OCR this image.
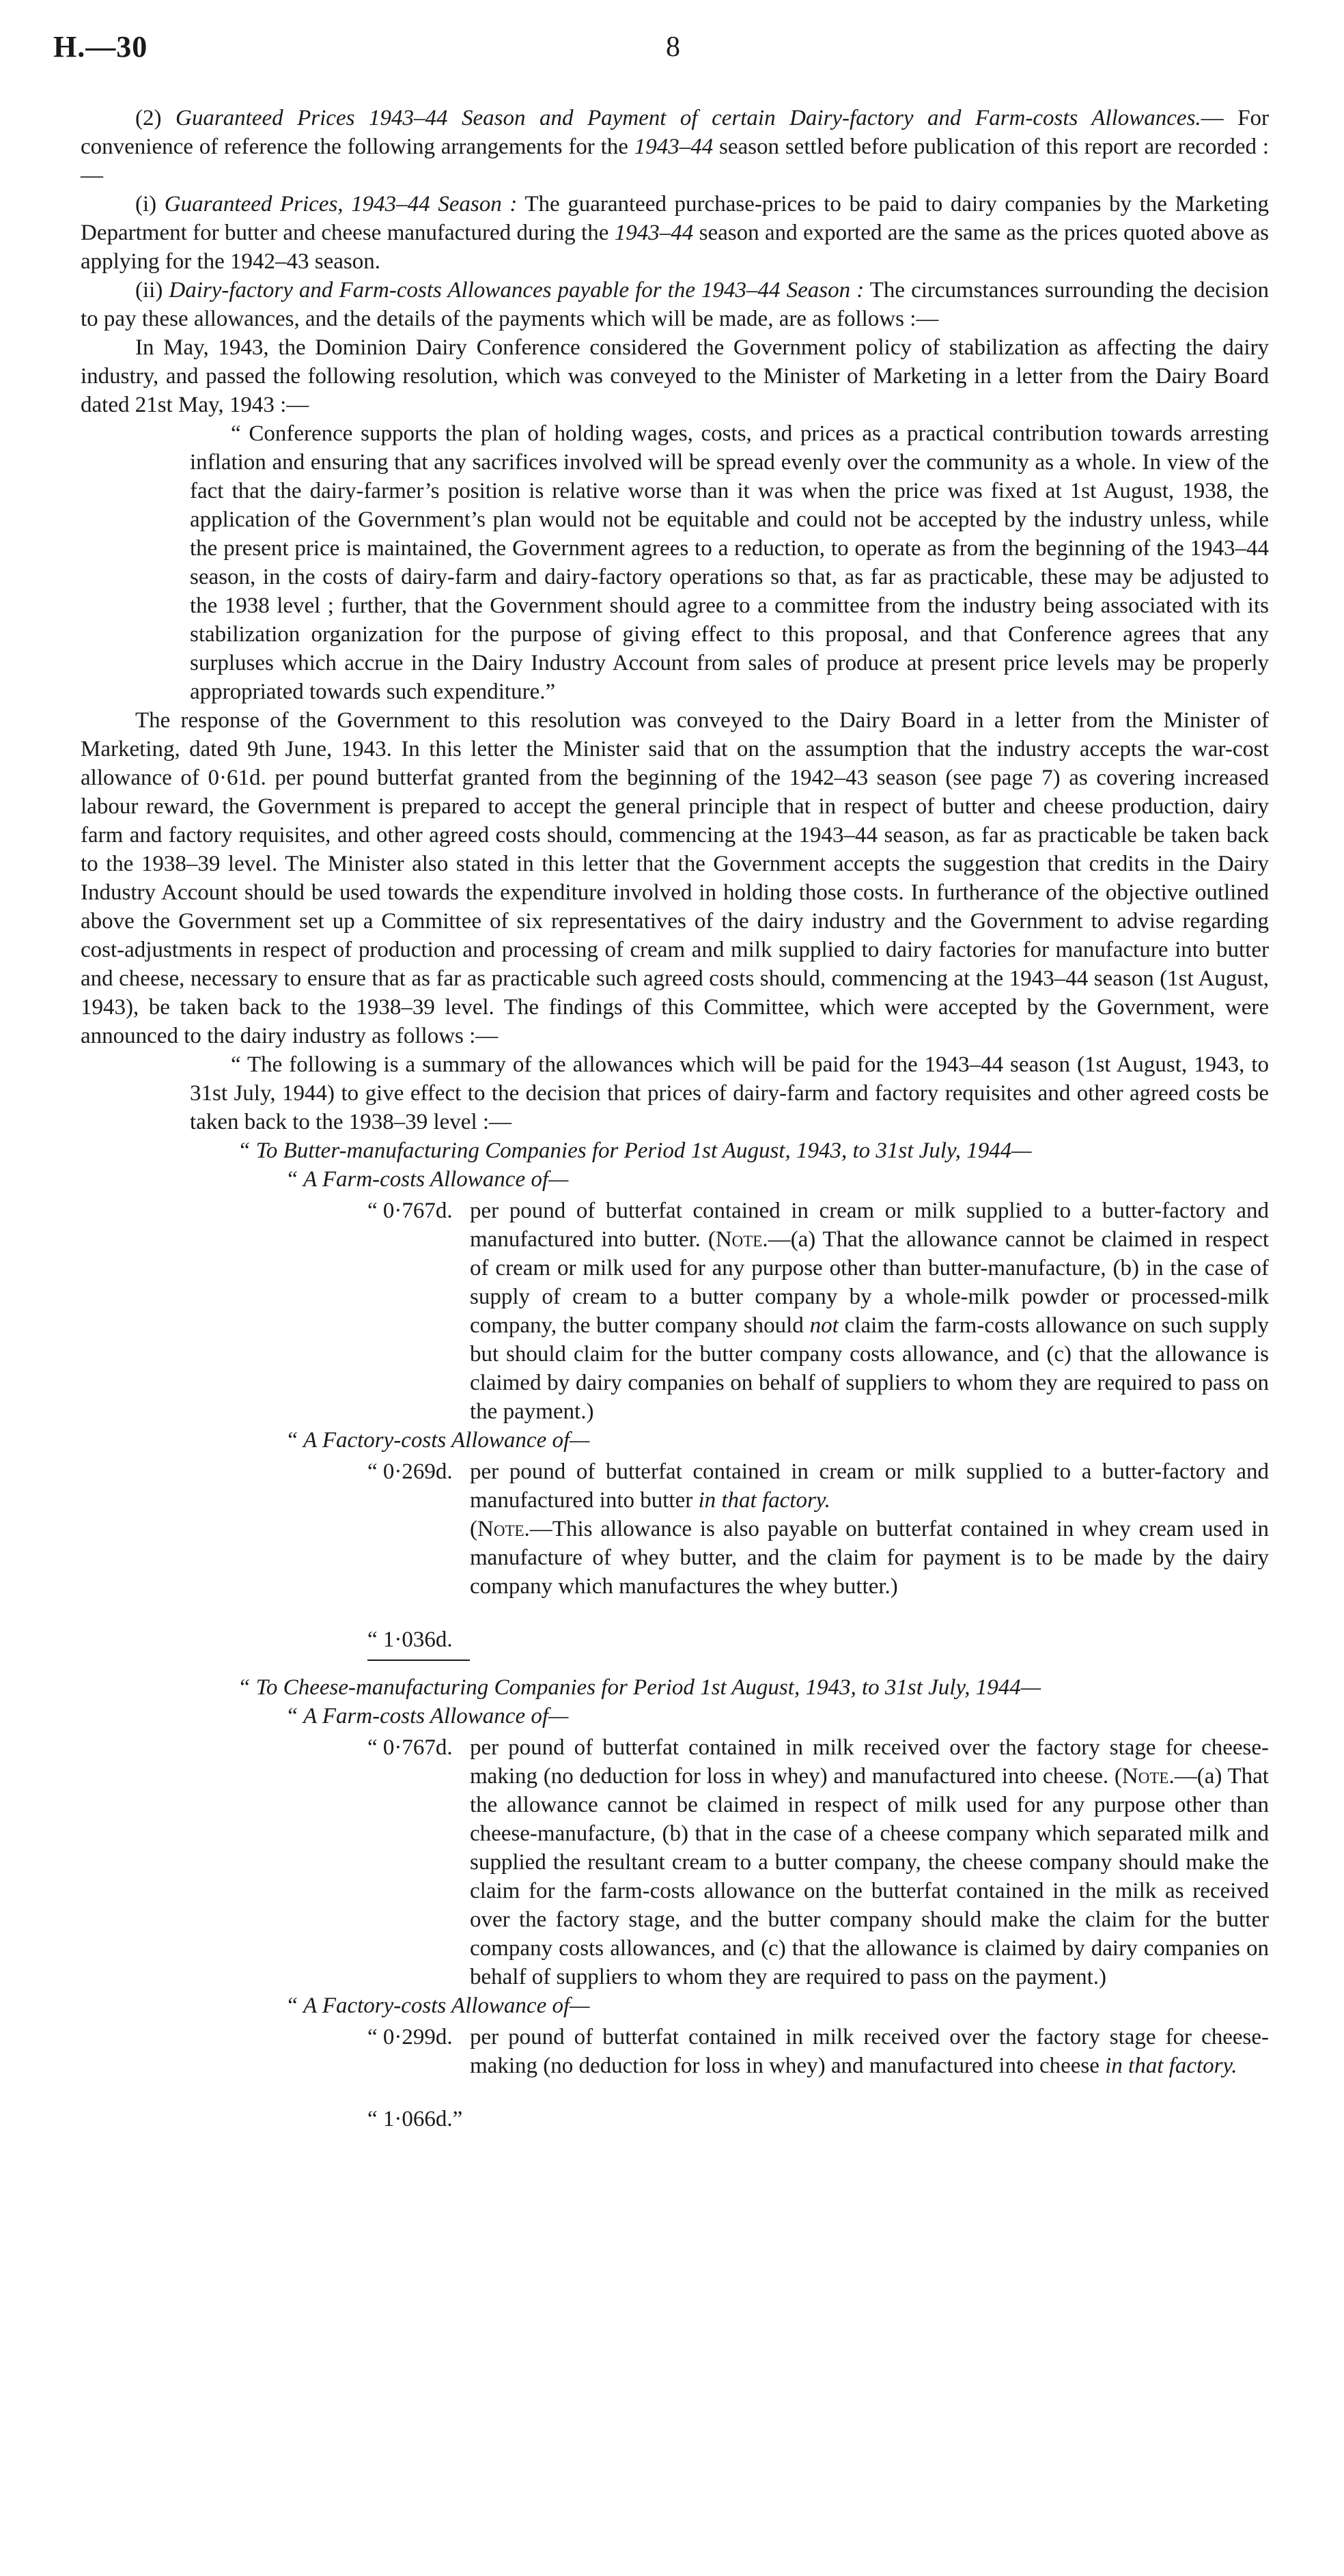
H.—30	8

(2) Guaranteed Prices 1943–44 Season and Payment of certain Dairy-factory and Farm-costs Allowances.— For convenience of reference the following arrangements for the 1943–44 season settled before publication of this report are recorded : —

(i) Guaranteed Prices, 1943–44 Season : The guaranteed purchase-prices to be paid to dairy companies by the Marketing Department for butter and cheese manufactured during the 1943–44 season and exported are the same as the prices quoted above as applying for the 1942–43 season.

(ii) Dairy-factory and Farm-costs Allowances payable for the 1943–44 Season : The circumstances surrounding the decision to pay these allowances, and the details of the payments which will be made, are as follows :—

In May, 1943, the Dominion Dairy Conference considered the Government policy of stabilization as affecting the dairy industry, and passed the following resolution, which was conveyed to the Minister of Marketing in a letter from the Dairy Board dated 21st May, 1943 :—

“ Conference supports the plan of holding wages, costs, and prices as a practical contribution towards arresting inflation and ensuring that any sacrifices involved will be spread evenly over the community as a whole. In view of the fact that the dairy-farmer’s position is relative worse than it was when the price was fixed at 1st August, 1938, the application of the Government’s plan would not be equitable and could not be accepted by the industry unless, while the present price is maintained, the Government agrees to a reduction, to operate as from the beginning of the 1943–44 season, in the costs of dairy-farm and dairy-factory operations so that, as far as practicable, these may be adjusted to the 1938 level ; further, that the Government should agree to a committee from the industry being associated with its stabilization organization for the purpose of giving effect to this proposal, and that Conference agrees that any surpluses which accrue in the Dairy Industry Account from sales of produce at present price levels may be properly appropriated towards such expenditure.”

The response of the Government to this resolution was conveyed to the Dairy Board in a letter from the Minister of Marketing, dated 9th June, 1943. In this letter the Minister said that on the assumption that the industry accepts the war-cost allowance of 0·61d. per pound butterfat granted from the beginning of the 1942–43 season (see page 7) as covering increased labour reward, the Government is prepared to accept the general principle that in respect of butter and cheese production, dairy farm and factory requisites, and other agreed costs should, commencing at the 1943–44 season, as far as practicable be taken back to the 1938–39 level. The Minister also stated in this letter that the Government accepts the suggestion that credits in the Dairy Industry Account should be used towards the expenditure involved in holding those costs. In furtherance of the objective outlined above the Government set up a Committee of six representatives of the dairy industry and the Government to advise regarding cost-adjustments in respect of production and processing of cream and milk supplied to dairy factories for manufacture into butter and cheese, necessary to ensure that as far as practicable such agreed costs should, commencing at the 1943–44 season (1st August, 1943), be taken back to the 1938–39 level. The findings of this Committee, which were accepted by the Government, were announced to the dairy industry as follows :—

“ The following is a summary of the allowances which will be paid for the 1943–44 season (1st August, 1943, to 31st July, 1944) to give effect to the decision that prices of dairy-farm and factory requisites and other agreed costs be taken back to the 1938–39 level :—

“ To Butter-manufacturing Companies for Period 1st August, 1943, to 31st July, 1944—

“ A Farm-costs Allowance of—

“ 0·767d. per pound of butterfat contained in cream or milk supplied to a butter-factory and manufactured into butter. (Note.—(a) That the allowance cannot be claimed in respect of cream or milk used for any purpose other than butter-manufacture, (b) in the case of supply of cream to a butter company by a whole-milk powder or processed-milk company, the butter company should not claim the farm-costs allowance on such supply but should claim for the butter company costs allowance, and (c) that the allowance is claimed by dairy companies on behalf of suppliers to whom they are required to pass on the payment.)

“ A Factory-costs Allowance of—

“ 0·269d. per pound of butterfat contained in cream or milk supplied to a butter-factory and manufactured into butter in that factory.
(Note.—This allowance is also payable on butterfat contained in whey cream used in manufacture of whey butter, and the claim for payment is to be made by the dairy company which manufactures the whey butter.)
“ 1·036d.

“ To Cheese-manufacturing Companies for Period 1st August, 1943, to 31st July, 1944—

“ A Farm-costs Allowance of—

“ 0·767d. per pound of butterfat contained in milk received over the factory stage for cheese-making (no deduction for loss in whey) and manufactured into cheese. (Note.—(a) That the allowance cannot be claimed in respect of milk used for any purpose other than cheese-manufacture, (b) that in the case of a cheese company which separated milk and supplied the resultant cream to a butter company, the cheese company should make the claim for the farm-costs allowance on the butterfat contained in the milk as received over the factory stage, and the butter company should make the claim for the butter company costs allowances, and (c) that the allowance is claimed by dairy companies on behalf of suppliers to whom they are required to pass on the payment.)

“ A Factory-costs Allowance of—

“ 0·299d. per pound of butterfat contained in milk received over the factory stage for cheese-making (no deduction for loss in whey) and manufactured into cheese in that factory.
“ 1·066d.”
